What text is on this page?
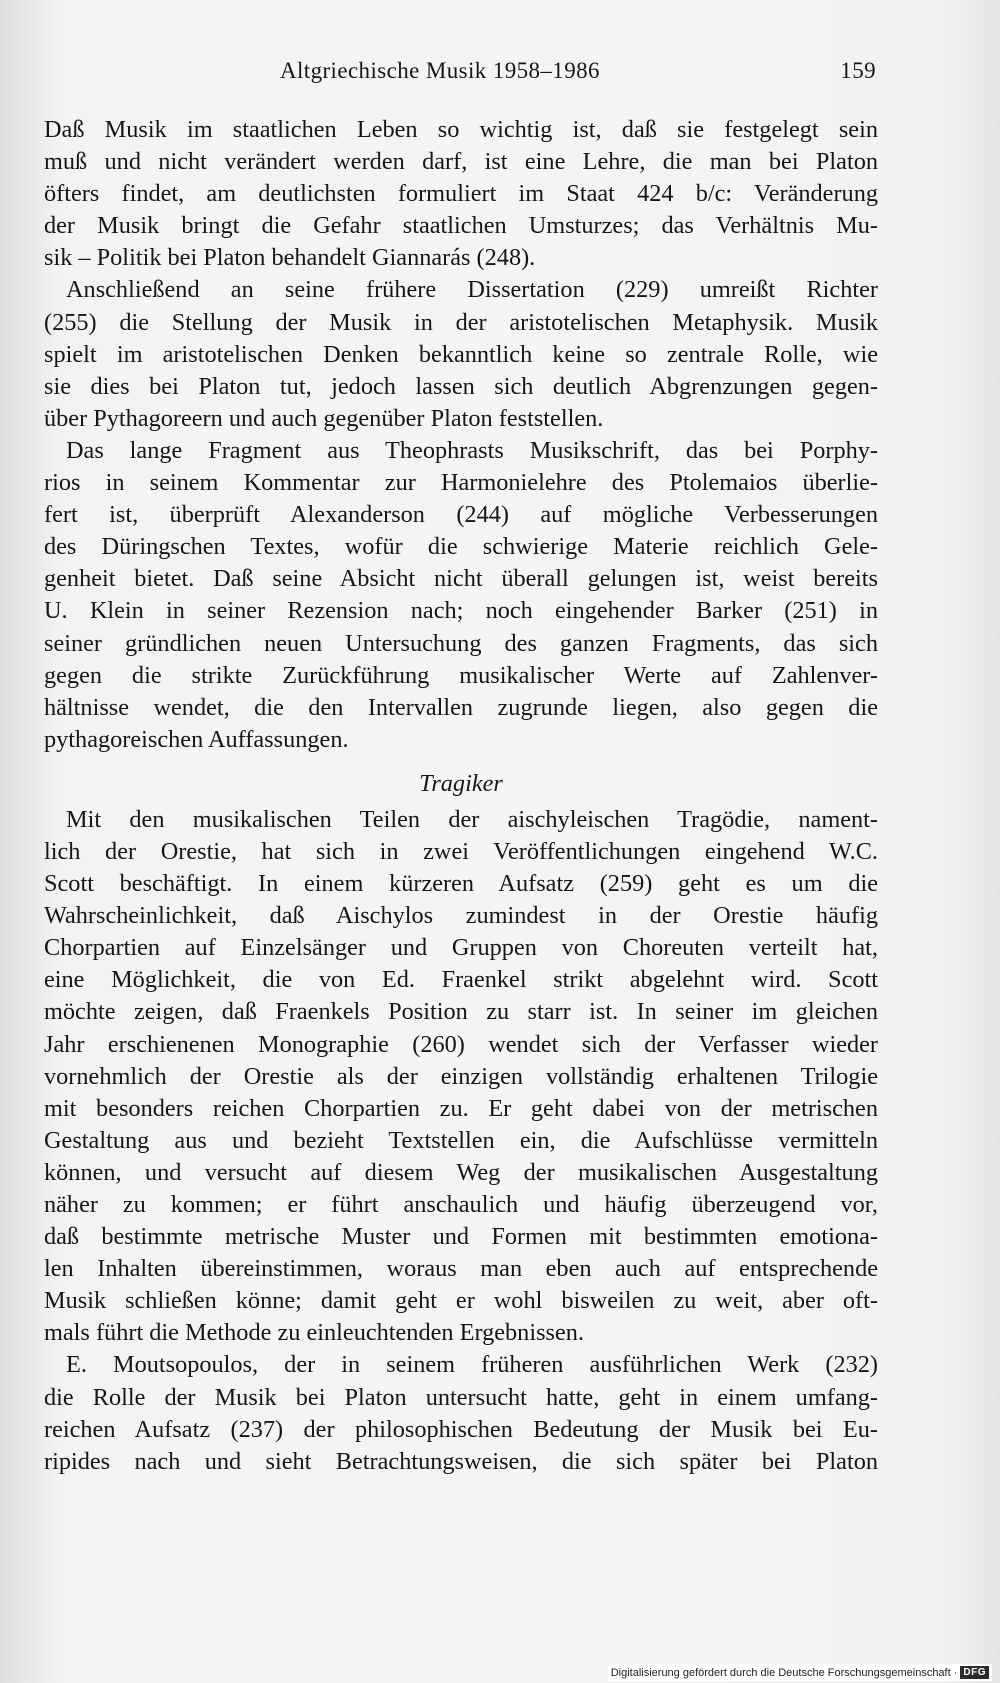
Altgriechische Musik 1958–1986	159
Daß Musik im staatlichen Leben so wichtig ist, daß sie festgelegt sein
muß und nicht verändert werden darf, ist eine Lehre, die man bei Platon
öfters findet, am deutlichsten formuliert im Staat 424 b/c: Veränderung
der Musik bringt die Gefahr staatlichen Umsturzes; das Verhältnis Mu-
sik – Politik bei Platon behandelt Giannarás (248).
Anschließend an seine frühere Dissertation (229) umreißt Richter
(255) die Stellung der Musik in der aristotelischen Metaphysik. Musik
spielt im aristotelischen Denken bekanntlich keine so zentrale Rolle, wie
sie dies bei Platon tut, jedoch lassen sich deutlich Abgrenzungen gegen-
über Pythagoreern und auch gegenüber Platon feststellen.
Das lange Fragment aus Theophrasts Musikschrift, das bei Porphy-
rios in seinem Kommentar zur Harmonielehre des Ptolemaios überlie-
fert ist, überprüft Alexanderson (244) auf mögliche Verbesserungen
des Düringschen Textes, wofür die schwierige Materie reichlich Gele-
genheit bietet. Daß seine Absicht nicht überall gelungen ist, weist bereits
U. Klein in seiner Rezension nach; noch eingehender Barker (251) in
seiner gründlichen neuen Untersuchung des ganzen Fragments, das sich
gegen die strikte Zurückführung musikalischer Werte auf Zahlenver-
hältnisse wendet, die den Intervallen zugrunde liegen, also gegen die
pythagoreischen Auffassungen.
Tragiker
Mit den musikalischen Teilen der aischyleischen Tragödie, nament-
lich der Orestie, hat sich in zwei Veröffentlichungen eingehend W.C.
Scott beschäftigt. In einem kürzeren Aufsatz (259) geht es um die
Wahrscheinlichkeit, daß Aischylos zumindest in der Orestie häufig
Chorpartien auf Einzelsänger und Gruppen von Choreuten verteilt hat,
eine Möglichkeit, die von Ed. Fraenkel strikt abgelehnt wird. Scott
möchte zeigen, daß Fraenkels Position zu starr ist. In seiner im gleichen
Jahr erschienenen Monographie (260) wendet sich der Verfasser wieder
vornehmlich der Orestie als der einzigen vollständig erhaltenen Trilogie
mit besonders reichen Chorpartien zu. Er geht dabei von der metrischen
Gestaltung aus und bezieht Textstellen ein, die Aufschlüsse vermitteln
können, und versucht auf diesem Weg der musikalischen Ausgestaltung
näher zu kommen; er führt anschaulich und häufig überzeugend vor,
daß bestimmte metrische Muster und Formen mit bestimmten emotiona-
len Inhalten übereinstimmen, woraus man eben auch auf entsprechende
Musik schließen könne; damit geht er wohl bisweilen zu weit, aber oft-
mals führt die Methode zu einleuchtenden Ergebnissen.
E. Moutsopoulos, der in seinem früheren ausführlichen Werk (232)
die Rolle der Musik bei Platon untersucht hatte, geht in einem umfang-
reichen Aufsatz (237) der philosophischen Bedeutung der Musik bei Eu-
ripides nach und sieht Betrachtungsweisen, die sich später bei Platon
Digitalisierung gefördert durch die Deutsche Forschungsgemeinschaft · DFG
